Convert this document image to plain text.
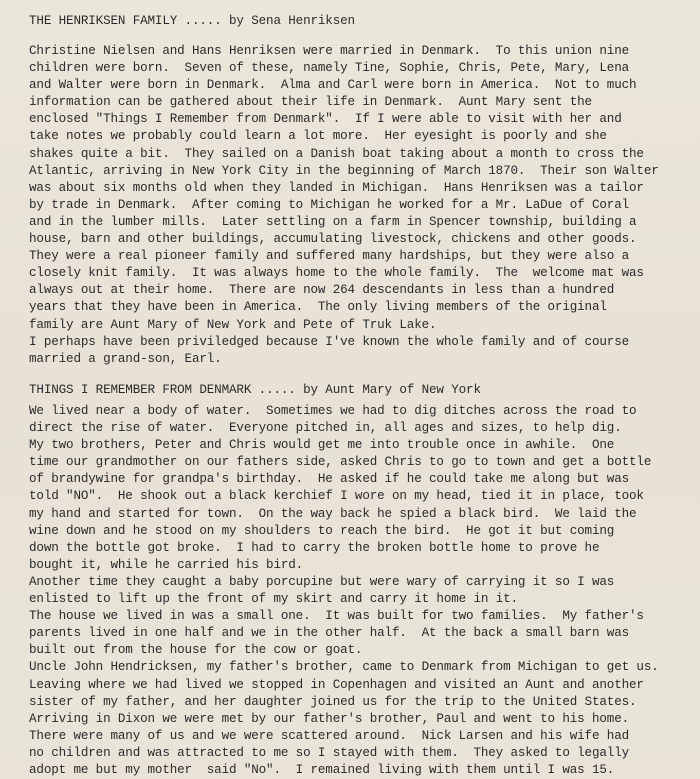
THE HENRIKSEN FAMILY ..... by Sena Henriksen

Christine Nielsen and Hans Henriksen were married in Denmark.  To this union nine

children were born.  Seven of these, namely Tine, Sophie, Chris, Pete, Mary, Lena

and Walter were born in Denmark.  Alma and Carl were born in America.  Not to much

information can be gathered about their life in Denmark.  Aunt Mary sent the

enclosed "Things I Remember from Denmark".  If I were able to visit with her and

take notes we probably could learn a lot more.  Her eyesight is poorly and she

shakes quite a bit.  They sailed on a Danish boat taking about a month to cross the

Atlantic, arriving in New York City in the beginning of March 1870.  Their son Walter

was about six months old when they landed in Michigan.  Hans Henriksen was a tailor

by trade in Denmark.  After coming to Michigan he worked for a Mr. LaDue of Coral

and in the lumber mills.  Later settling on a farm in Spencer township, building a

house, barn and other buildings, accumulating livestock, chickens and other goods.

They were a real pioneer family and suffered many hardships, but they were also a

closely knit family.  It was always home to the whole family.  The  welcome mat was

always out at their home.  There are now 264 descendants in less than a hundred

years that they have been in America.  The only living members of the original

family are Aunt Mary of New York and Pete of Truk Lake.

I perhaps have been priviledged because I've known the whole family and of course

married a grand-son, Earl.

THINGS I REMEMBER FROM DENMARK ..... by Aunt Mary of New York

We lived near a body of water.  Sometimes we had to dig ditches across the road to

direct the rise of water.  Everyone pitched in, all ages and sizes, to help dig.

My two brothers, Peter and Chris would get me into trouble once in awhile.  One

time our grandmother on our fathers side, asked Chris to go to town and get a bottle

of brandywine for grandpa's birthday.  He asked if he could take me along but was

told "NO".  He shook out a black kerchief I wore on my head, tied it in place, took

my hand and started for town.  On the way back he spied a black bird.  We laid the

wine down and he stood on my shoulders to reach the bird.  He got it but coming

down the bottle got broke.  I had to carry the broken bottle home to prove he

bought it, while he carried his bird.

Another time they caught a baby porcupine but were wary of carrying it so I was

enlisted to lift up the front of my skirt and carry it home in it.

The house we lived in was a small one.  It was built for two families.  My father's

parents lived in one half and we in the other half.  At the back a small barn was

built out from the house for the cow or goat.

Uncle John Hendricksen, my father's brother, came to Denmark from Michigan to get us.

Leaving where we had lived we stopped in Copenhagen and visited an Aunt and another

sister of my father, and her daughter joined us for the trip to the United States.

Arriving in Dixon we were met by our father's brother, Paul and went to his home.

There were many of us and we were scattered around.  Nick Larsen and his wife had

no children and was attracted to me so I stayed with them.  They asked to legally

adopt me but my mother  said "No".  I remained living with them until I was 15.
